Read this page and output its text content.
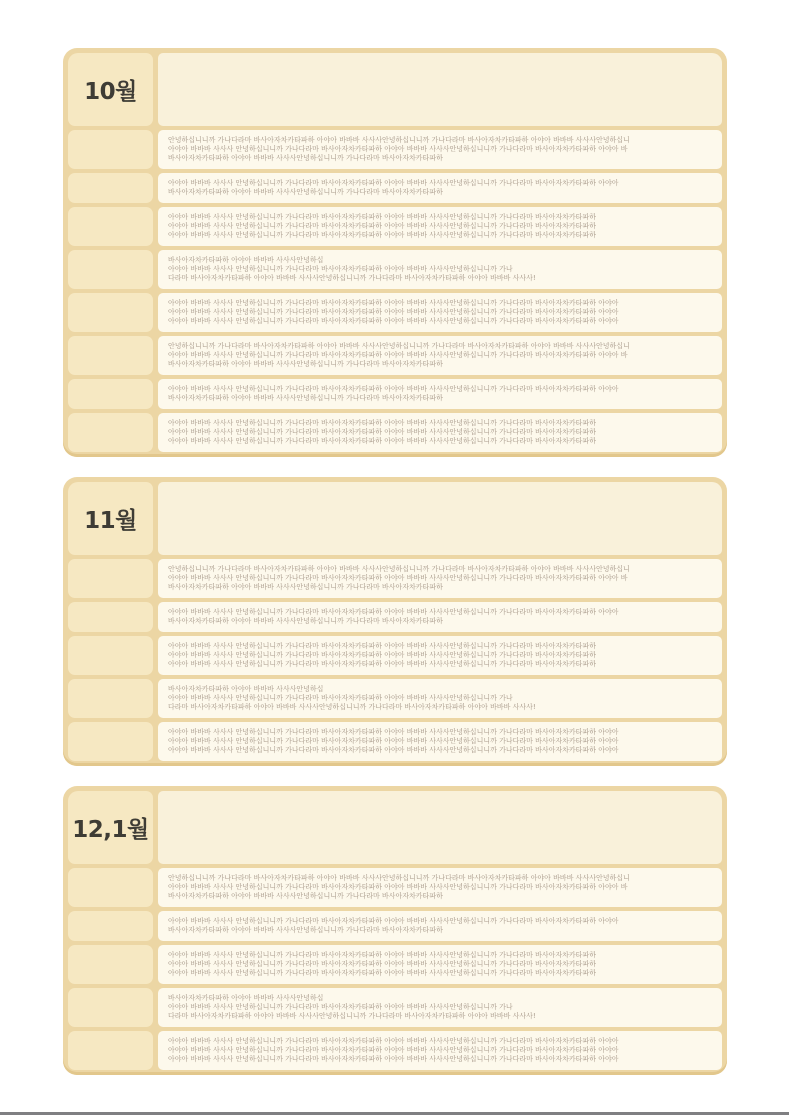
10월
안녕하십니니까 가나다라마 바사아자차카타파하 아야아 바바바 사사사안녕하십니니까 가나다라마 바사아자차카타파하 아야아 바바바 사사사안녕하십니
아야아 바바바 사사사 안녕하십니니까 가나다라마 바사아자차카타파하 아야아 바바바 사사사안녕하십니니까 가나다라마 바사아자차카타파하 아야아 바
바사아자차카타파하 아야아 바바바 사사사안녕하십니니까 가나다라마 바사아자차카타파하
아야아 바바바 사사사 안녕하십니니까 가나다라마 바사아자차카타파하 아야아 바바바 사사사안녕하십니니까 가나다라마 바사아자차카타파하 아야아
바사아자차카타파하 아야아 바바바 사사사안녕하십니니까 가나다라마 바사아자차카타파하
아야아 바바바 사사사 안녕하십니니까 가나다라마 바사아자차카타파하 아야아 바바바 사사사안녕하십니니까 가나다라마 바사아자차카타파하
아야아 바바바 사사사 안녕하십니니까 가나다라마 바사아자차카타파하 아야아 바바바 사사사안녕하십니니까 가나다라마 바사아자차카타파하
아야아 바바바 사사사 안녕하십니니까 가나다라마 바사아자차카타파하 아야아 바바바 사사사안녕하십니니까 가나다라마 바사아자차카타파하
바사아자차카타파하 아야아 바바바 사사사안녕하십
아야아 바바바 사사사 안녕하십니니까 가나다라마 바사아자차카타파하 아야아 바바바 사사사안녕하십니니까 가나
다라마 바사아자차카타파하 아야아 바바바 사사사안녕하십니니까 가나다라마 바사아자차카타파하 아야아 바바바 사사사!
아야아 바바바 사사사 안녕하십니니까 가나다라마 바사아자차카타파하 아야아 바바바 사사사안녕하십니니까 가나다라마 바사아자차카타파하 아야아
아야아 바바바 사사사 안녕하십니니까 가나다라마 바사아자차카타파하 아야아 바바바 사사사안녕하십니니까 가나다라마 바사아자차카타파하 아야아
아야아 바바바 사사사 안녕하십니니까 가나다라마 바사아자차카타파하 아야아 바바바 사사사안녕하십니니까 가나다라마 바사아자차카타파하 아야아
안녕하십니니까 가나다라마 바사아자차카타파하 아야아 바바바 사사사안녕하십니니까 가나다라마 바사아자차카타파하 아야아 바바바 사사사안녕하십니
아야아 바바바 사사사 안녕하십니니까 가나다라마 바사아자차카타파하 아야아 바바바 사사사안녕하십니니까 가나다라마 바사아자차카타파하 아야아 바
바사아자차카타파하 아야아 바바바 사사사안녕하십니니까 가나다라마 바사아자차카타파하
아야아 바바바 사사사 안녕하십니니까 가나다라마 바사아자차카타파하 아야아 바바바 사사사안녕하십니니까 가나다라마 바사아자차카타파하 아야아
바사아자차카타파하 아야아 바바바 사사사안녕하십니니까 가나다라마 바사아자차카타파하
아야아 바바바 사사사 안녕하십니니까 가나다라마 바사아자차카타파하 아야아 바바바 사사사안녕하십니니까 가나다라마 바사아자차카타파하
아야아 바바바 사사사 안녕하십니니까 가나다라마 바사아자차카타파하 아야아 바바바 사사사안녕하십니니까 가나다라마 바사아자차카타파하
아야아 바바바 사사사 안녕하십니니까 가나다라마 바사아자차카타파하 아야아 바바바 사사사안녕하십니니까 가나다라마 바사아자차카타파하
11월
안녕하십니니까 가나다라마 바사아자차카타파하 아야아 바바바 사사사안녕하십니니까 가나다라마 바사아자차카타파하 아야아 바바바 사사사안녕하십니
아야아 바바바 사사사 안녕하십니니까 가나다라마 바사아자차카타파하 아야아 바바바 사사사안녕하십니니까 가나다라마 바사아자차카타파하 아야아 바
바사아자차카타파하 아야아 바바바 사사사안녕하십니니까 가나다라마 바사아자차카타파하
아야아 바바바 사사사 안녕하십니니까 가나다라마 바사아자차카타파하 아야아 바바바 사사사안녕하십니니까 가나다라마 바사아자차카타파하 아야아
바사아자차카타파하 아야아 바바바 사사사안녕하십니니까 가나다라마 바사아자차카타파하
아야아 바바바 사사사 안녕하십니니까 가나다라마 바사아자차카타파하 아야아 바바바 사사사안녕하십니니까 가나다라마 바사아자차카타파하
아야아 바바바 사사사 안녕하십니니까 가나다라마 바사아자차카타파하 아야아 바바바 사사사안녕하십니니까 가나다라마 바사아자차카타파하
아야아 바바바 사사사 안녕하십니니까 가나다라마 바사아자차카타파하 아야아 바바바 사사사안녕하십니니까 가나다라마 바사아자차카타파하
바사아자차카타파하 아야아 바바바 사사사안녕하십
아야아 바바바 사사사 안녕하십니니까 가나다라마 바사아자차카타파하 아야아 바바바 사사사안녕하십니니까 가나
다라마 바사아자차카타파하 아야아 바바바 사사사안녕하십니니까 가나다라마 바사아자차카타파하 아야아 바바바 사사사!
아야아 바바바 사사사 안녕하십니니까 가나다라마 바사아자차카타파하 아야아 바바바 사사사안녕하십니니까 가나다라마 바사아자차카타파하 아야아
아야아 바바바 사사사 안녕하십니니까 가나다라마 바사아자차카타파하 아야아 바바바 사사사안녕하십니니까 가나다라마 바사아자차카타파하 아야아
아야아 바바바 사사사 안녕하십니니까 가나다라마 바사아자차카타파하 아야아 바바바 사사사안녕하십니니까 가나다라마 바사아자차카타파하 아야아
12,1월
안녕하십니니까 가나다라마 바사아자차카타파하 아야아 바바바 사사사안녕하십니니까 가나다라마 바사아자차카타파하 아야아 바바바 사사사안녕하십니
아야아 바바바 사사사 안녕하십니니까 가나다라마 바사아자차카타파하 아야아 바바바 사사사안녕하십니니까 가나다라마 바사아자차카타파하 아야아 바
바사아자차카타파하 아야아 바바바 사사사안녕하십니니까 가나다라마 바사아자차카타파하
아야아 바바바 사사사 안녕하십니니까 가나다라마 바사아자차카타파하 아야아 바바바 사사사안녕하십니니까 가나다라마 바사아자차카타파하 아야아
바사아자차카타파하 아야아 바바바 사사사안녕하십니니까 가나다라마 바사아자차카타파하
아야아 바바바 사사사 안녕하십니니까 가나다라마 바사아자차카타파하 아야아 바바바 사사사안녕하십니니까 가나다라마 바사아자차카타파하
아야아 바바바 사사사 안녕하십니니까 가나다라마 바사아자차카타파하 아야아 바바바 사사사안녕하십니니까 가나다라마 바사아자차카타파하
아야아 바바바 사사사 안녕하십니니까 가나다라마 바사아자차카타파하 아야아 바바바 사사사안녕하십니니까 가나다라마 바사아자차카타파하
바사아자차카타파하 아야아 바바바 사사사안녕하십
아야아 바바바 사사사 안녕하십니니까 가나다라마 바사아자차카타파하 아야아 바바바 사사사안녕하십니니까 가나
다라마 바사아자차카타파하 아야아 바바바 사사사안녕하십니니까 가나다라마 바사아자차카타파하 아야아 바바바 사사사!
아야아 바바바 사사사 안녕하십니니까 가나다라마 바사아자차카타파하 아야아 바바바 사사사안녕하십니니까 가나다라마 바사아자차카타파하 아야아
아야아 바바바 사사사 안녕하십니니까 가나다라마 바사아자차카타파하 아야아 바바바 사사사안녕하십니니까 가나다라마 바사아자차카타파하 아야아
아야아 바바바 사사사 안녕하십니니까 가나다라마 바사아자차카타파하 아야아 바바바 사사사안녕하십니니까 가나다라마 바사아자차카타파하 아야아
